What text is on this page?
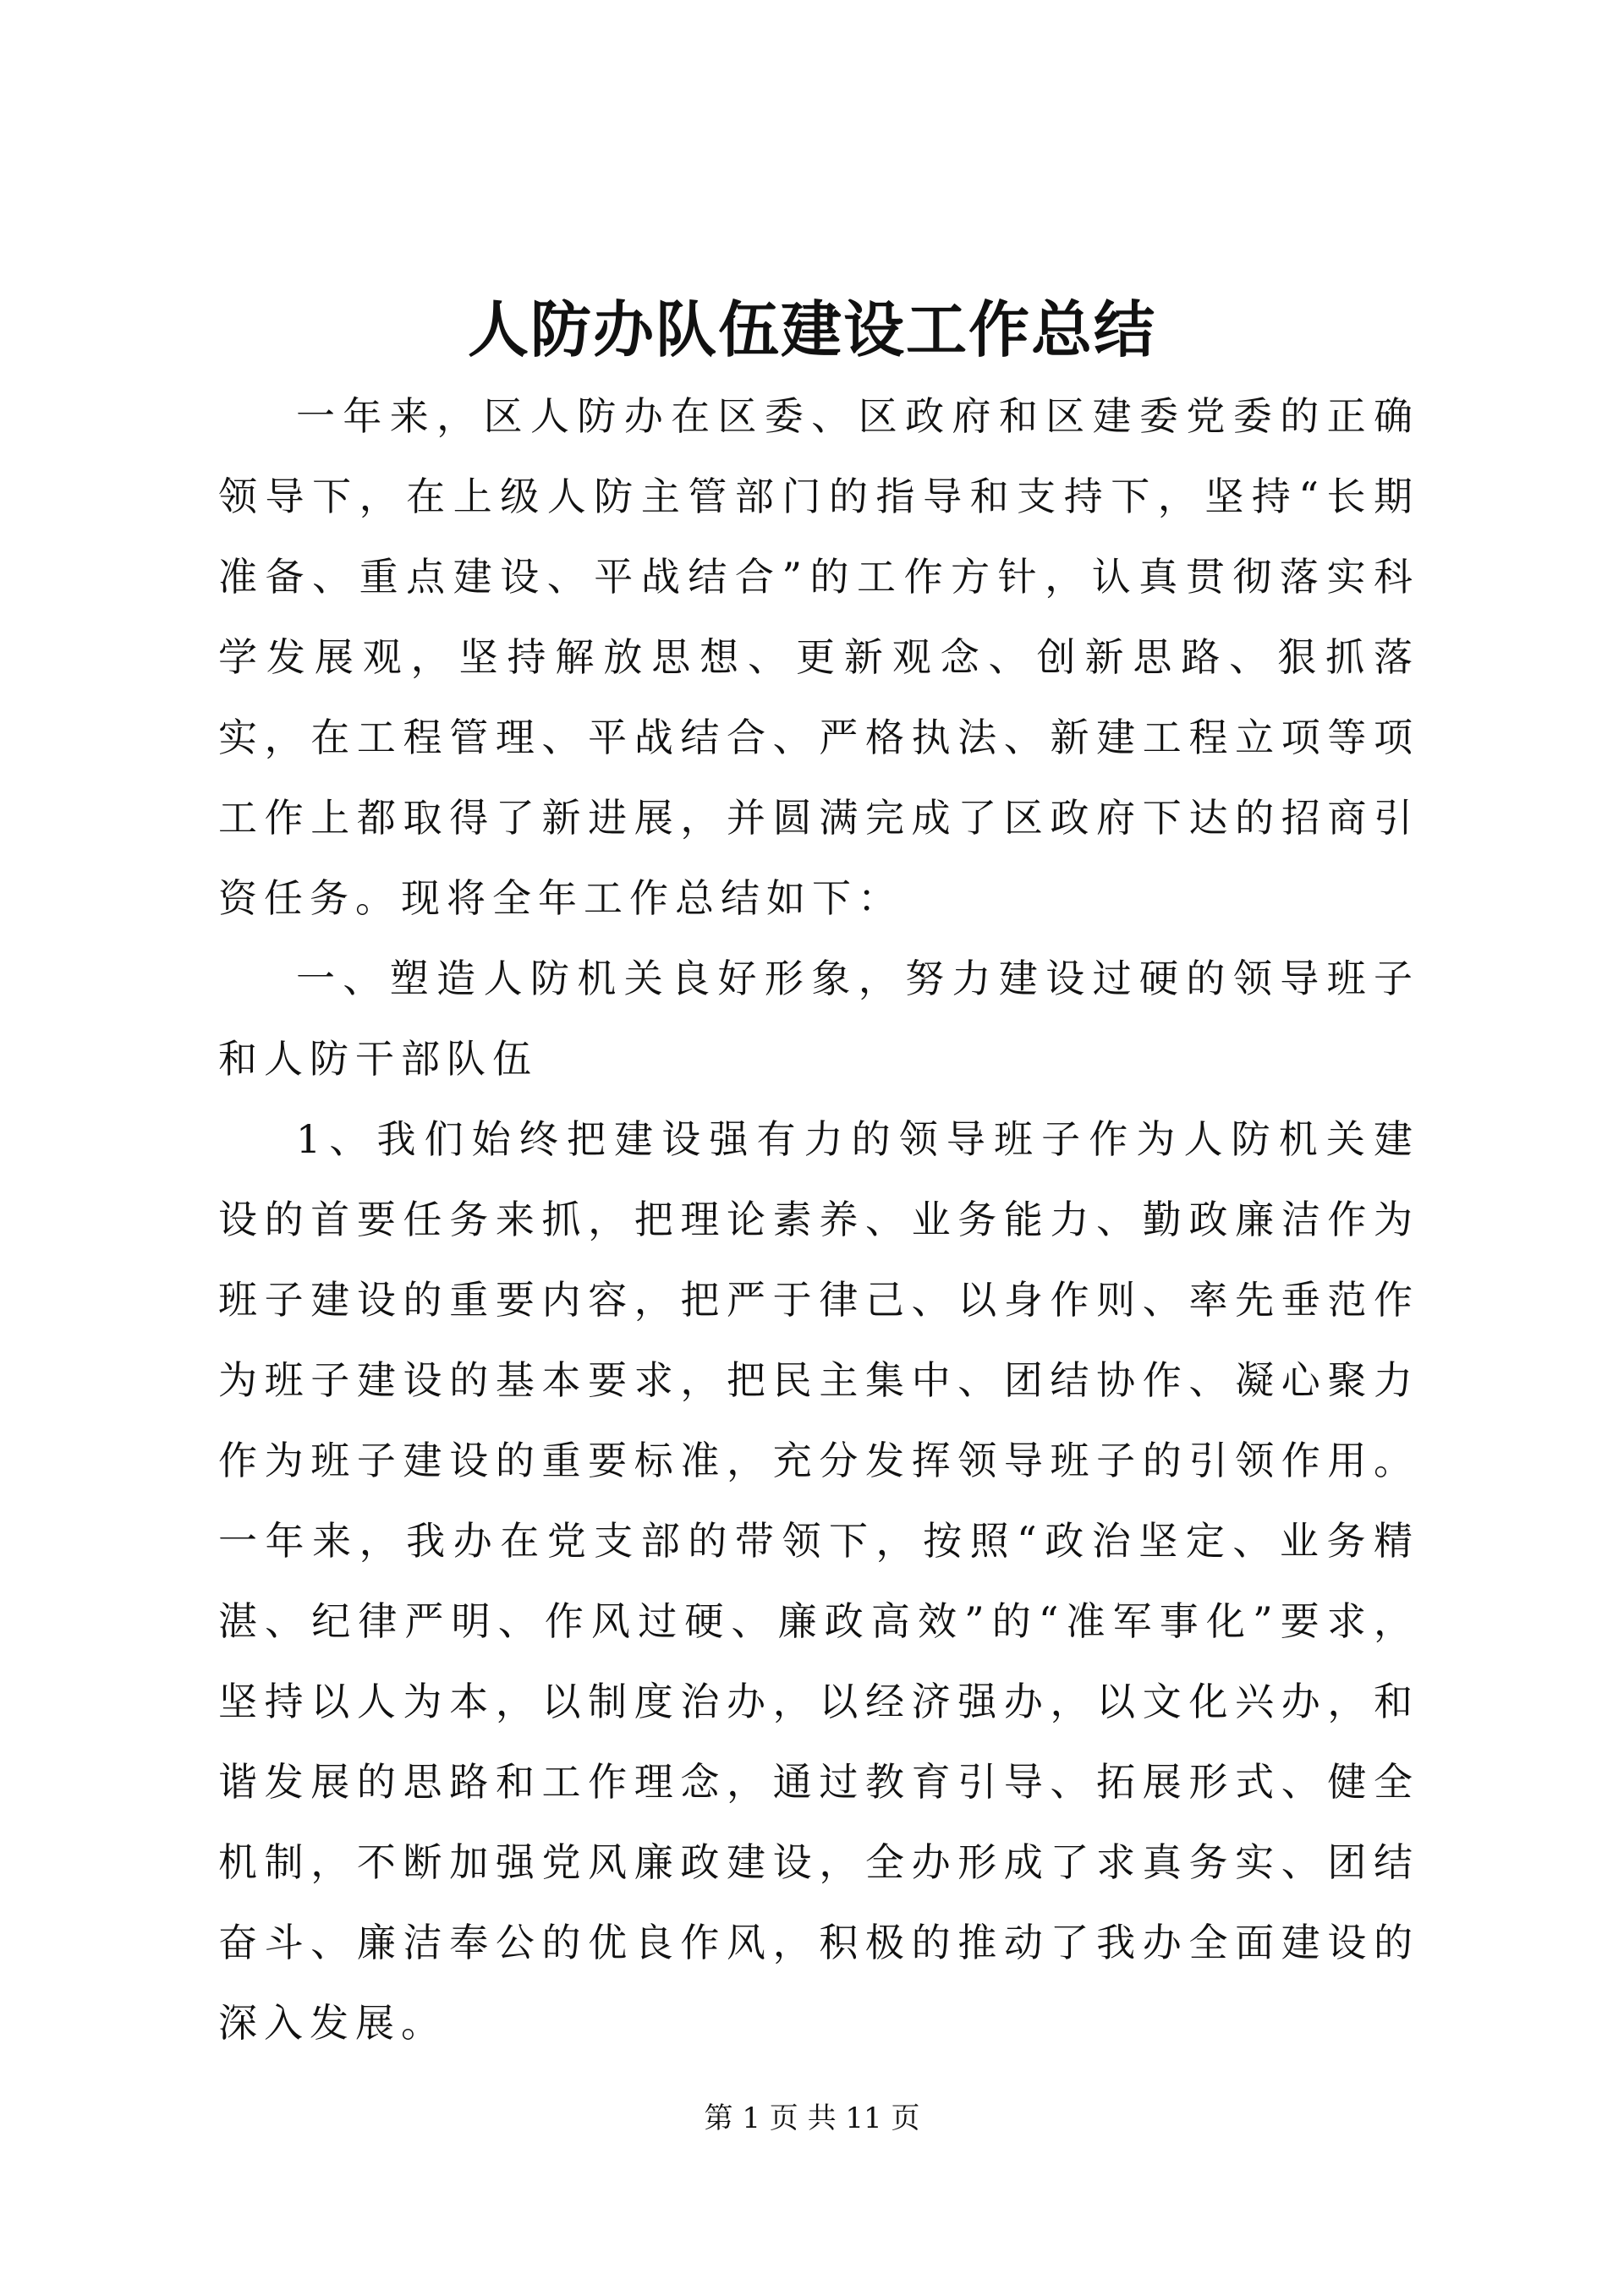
人防办队伍建设工作总结

一年来，区人防办在区委、区政府和区建委党委的正确领导下，在上级人防主管部门的指导和支持下，坚持“长期准备、重点建设、平战结合”的工作方针，认真贯彻落实科学发展观，坚持解放思想、更新观念、创新思路、狠抓落实，在工程管理、平战结合、严格执法、新建工程立项等项工作上都取得了新进展，并圆满完成了区政府下达的招商引资任务。现将全年工作总结如下：

一、塑造人防机关良好形象，努力建设过硬的领导班子和人防干部队伍

1、我们始终把建设强有力的领导班子作为人防机关建设的首要任务来抓，把理论素养、业务能力、勤政廉洁作为班子建设的重要内容，把严于律己、以身作则、率先垂范作为班子建设的基本要求，把民主集中、团结协作、凝心聚力作为班子建设的重要标准，充分发挥领导班子的引领作用。一年来，我办在党支部的带领下，按照“政治坚定、业务精湛、纪律严明、作风过硬、廉政高效”的“准军事化”要求，坚持以人为本，以制度治办，以经济强办，以文化兴办，和谐发展的思路和工作理念，通过教育引导、拓展形式、健全机制，不断加强党风廉政建设，全办形成了求真务实、团结奋斗、廉洁奉公的优良作风，积极的推动了我办全面建设的深入发展。

第 1 页 共 11 页
